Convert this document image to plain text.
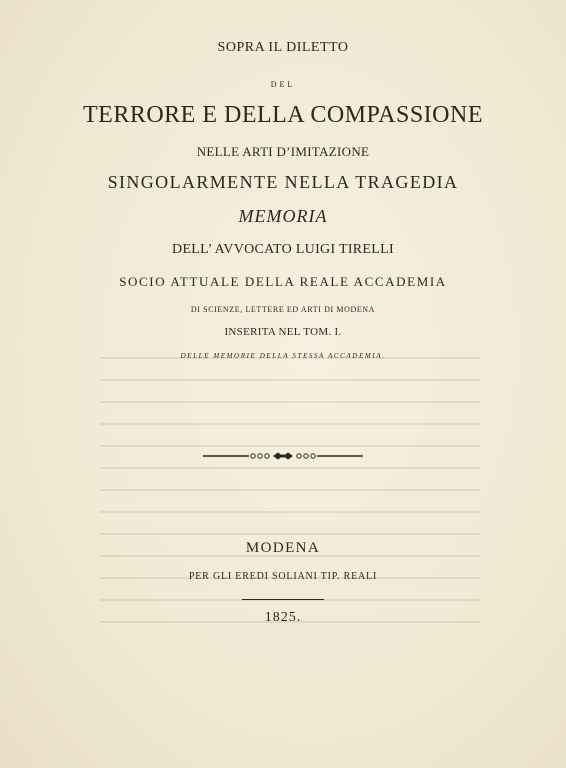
SOPRA IL DILETTO
DEL
TERRORE E DELLA COMPASSIONE
NELLE ARTI D’IMITAZIONE
SINGOLARMENTE NELLA TRAGEDIA
MEMORIA
DELL’ AVVOCATO LUIGI TIRELLI
SOCIO ATTUALE DELLA REALE ACCADEMIA
DI SCIENZE, LETTERE ED ARTI DI MODENA
INSERITA NEL TOM. I.
DELLE MEMORIE DELLA STESSA ACCADEMIA.
MODENA
PER GLI EREDI SOLIANI TIP. REALI
1825.
